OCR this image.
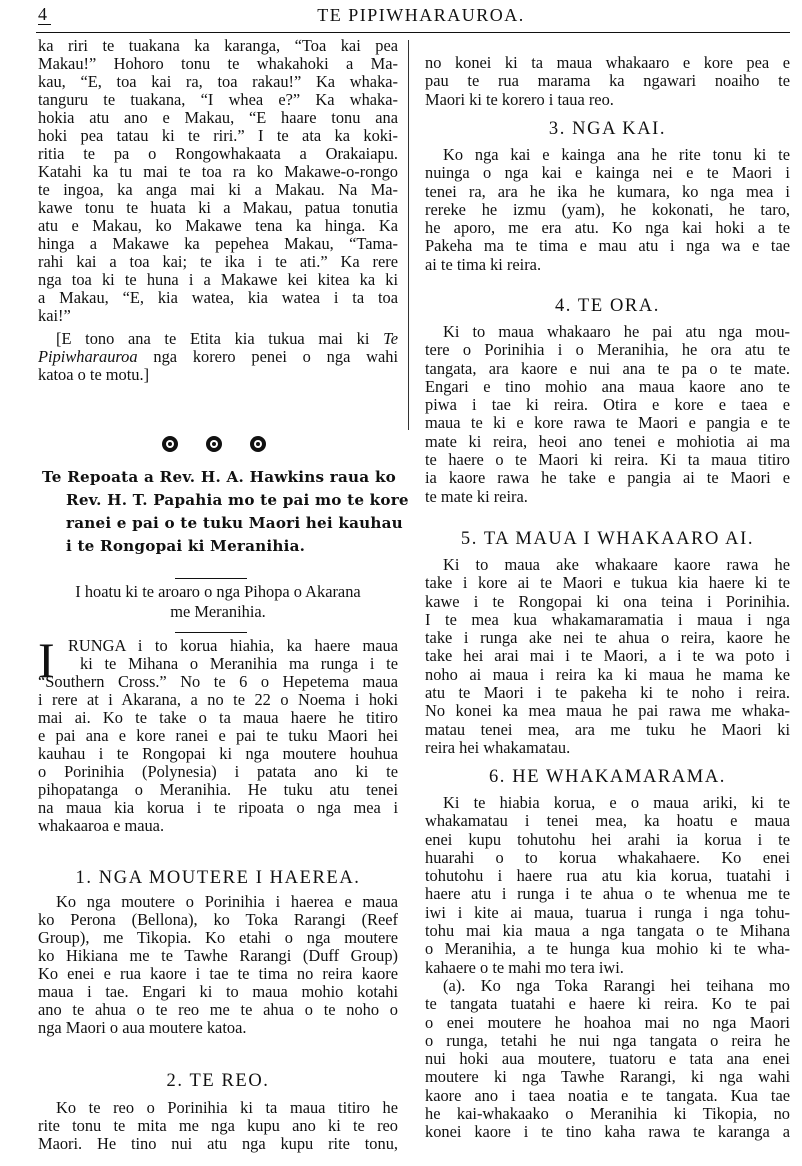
4	TE PIPIWHARAUROA.
ka riri te tuakana ka karanga, “Toa kai pea
Makau!” Hohoro tonu te whakahoki a Ma-
kau, “E, toa kai ra, toa rakau!” Ka whaka-
tanguru te tuakana, “I whea e?” Ka whaka-
hokia atu ano e Makau, “E haare tonu ana
hoki pea tatau ki te riri.” I te ata ka koki-
ritia te pa o Rongowhakaata a Orakaiapu.
Katahi ka tu mai te toa ra ko Makawe-o-rongo
te ingoa, ka anga mai ki a Makau. Na Ma-
kawe tonu te huata ki a Makau, patua tonutia
atu e Makau, ko Makawe tena ka hinga. Ka
hinga a Makawe ka pepehea Makau, “Tama-
rahi kai a toa kai; te ika i te ati.” Ka rere
nga toa ki te huna i a Makawe kei kitea ka ki
a Makau, “E, kia watea, kia watea i ta toa
kai!”
[E tono ana te Etita kia tukua mai ki Te
Pipiwharauroa nga korero penei o nga wahi
katoa o te motu.]
Te Repoata a Rev. H. A. Hawkins raua ko
Rev. H. T. Papahia mo te pai mo te kore
ranei e pai o te tuku Maori hei kauhau
i te Rongopai ki Meranihia.
I hoatu ki te aroaro o nga Pihopa o Akarana
me Meranihia.
I RUNGA i to korua hiahia, ka haere maua
ki te Mihana o Meranihia ma runga i te
“Southern Cross.” No te 6 o Hepetema maua
i rere at i Akarana, a no te 22 o Noema i hoki
mai ai. Ko te take o ta maua haere he titiro
e pai ana e kore ranei e pai te tuku Maori hei
kauhau i te Rongopai ki nga moutere houhua
o Porinihia (Polynesia) i patata ano ki te
pihopatanga o Meranihia. He tuku atu tenei
na maua kia korua i te ripoata o nga mea i
whakaaroa e maua.
1. NGA MOUTERE I HAEREA.
Ko nga moutere o Porinihia i haerea e maua
ko Perona (Bellona), ko Toka Rarangi (Reef
Group), me Tikopia. Ko etahi o nga moutere
ko Hikiana me te Tawhe Rarangi (Duff Group)
Ko enei e rua kaore i tae te tima no reira kaore
maua i tae. Engari ki to maua mohio kotahi
ano te ahua o te reo me te ahua o te noho o
nga Maori o aua moutere katoa.
2. TE REO.
Ko te reo o Porinihia ki ta maua titiro he
rite tonu te mita me nga kupu ano ki te reo
Maori. He tino nui atu nga kupu rite tonu,
no konei ki ta maua whakaaro e kore pea e
pau te rua marama ka ngawari noaiho te
Maori ki te korero i taua reo.
3. NGA KAI.
Ko nga kai e kainga ana he rite tonu ki te
nuinga o nga kai e kainga nei e te Maori i
tenei ra, ara he ika he kumara, ko nga mea i
rereke he izmu (yam), he kokonati, he taro,
he aporo, me era atu. Ko nga kai hoki a te
Pakeha ma te tima e mau atu i nga wa e tae
ai te tima ki reira.
4. TE ORA.
Ki to maua whakaaro he pai atu nga mou-
tere o Porinihia i o Meranihia, he ora atu te
tangata, ara kaore e nui ana te pa o te mate.
Engari e tino mohio ana maua kaore ano te
piwa i tae ki reira. Otira e kore e taea e
maua te ki e kore rawa te Maori e pangia e te
mate ki reira, heoi ano tenei e mohiotia ai ma
te haere o te Maori ki reira. Ki ta maua titiro
ia kaore rawa he take e pangia ai te Maori e
te mate ki reira.
5. TA MAUA I WHAKAARO AI.
Ki to maua ake whakaare kaore rawa he
take i kore ai te Maori e tukua kia haere ki te
kawe i te Rongopai ki ona teina i Porinihia.
I te mea kua whakamaramatia i maua i nga
take i runga ake nei te ahua o reira, kaore he
take hei arai mai i te Maori, a i te wa poto i
noho ai maua i reira ka ki maua he mama ke
atu te Maori i te pakeha ki te noho i reira.
No konei ka mea maua he pai rawa me whaka-
matau tenei mea, ara me tuku he Maori ki
reira hei whakamatau.
6. HE WHAKAMARAMA.
Ki te hiabia korua, e o maua ariki, ki te
whakamatau i tenei mea, ka hoatu e maua
enei kupu tohutohu hei arahi ia korua i te
huarahi o to korua whakahaere. Ko enei
tohutohu i haere rua atu kia korua, tuatahi i
haere atu i runga i te ahua o te whenua me te
iwi i kite ai maua, tuarua i runga i nga tohu-
tohu mai kia maua a nga tangata o te Mihana
o Meranihia, a te hunga kua mohio ki te wha-
kahaere o te mahi mo tera iwi.
(a). Ko nga Toka Rarangi hei teihana mo
te tangata tuatahi e haere ki reira. Ko te pai
o enei moutere he hoahoa mai no nga Maori
o runga, tetahi he nui nga tangata o reira he
nui hoki aua moutere, tuatoru e tata ana enei
moutere ki nga Tawhe Rarangi, ki nga wahi
kaore ano i taea noatia e te tangata. Kua tae
he kai-whakaako o Meranihia ki Tikopia, no
konei kaore i te tino kaha rawa te karanga a
